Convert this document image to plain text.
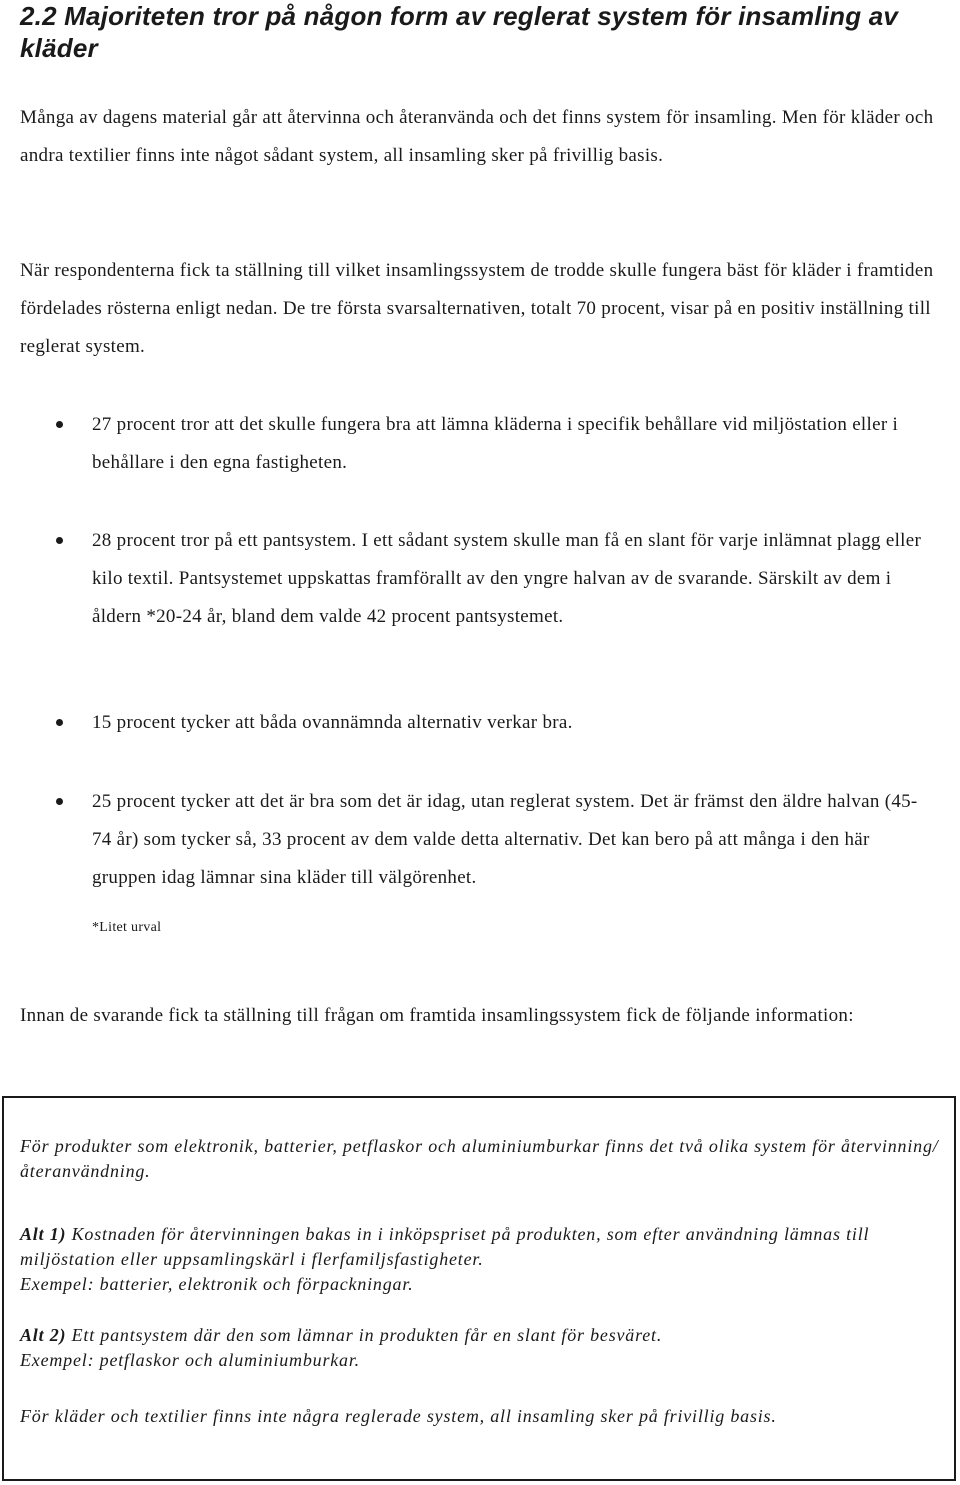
2.2 Majoriteten tror på någon form av reglerat system för insamling av kläder

Många av dagens material går att återvinna och återanvända och det finns system för insamling. Men för kläder och andra textilier finns inte något sådant system, all insamling sker på frivillig basis.

När respondenterna fick ta ställning till vilket insamlingssystem de trodde skulle fungera bäst för kläder i framtiden fördelades rösterna enligt nedan. De tre första svarsalternativen, totalt 70 procent, visar på en positiv inställning till reglerat system.

27 procent tror att det skulle fungera bra att lämna kläderna i specifik behållare vid miljöstation eller i behållare i den egna fastigheten.

28 procent tror på ett pantsystem. I ett sådant system skulle man få en slant för varje inlämnat plagg eller kilo textil. Pantsystemet uppskattas framförallt av den yngre halvan av de svarande. Särskilt av dem i åldern *20-24 år, bland dem valde 42 procent pantsystemet.

15 procent tycker att båda ovannämnda alternativ verkar bra.

25 procent tycker att det är bra som det är idag, utan reglerat system. Det är främst den äldre halvan (45-74 år) som tycker så, 33 procent av dem valde detta alternativ. Det kan bero på att många i den här gruppen idag lämnar sina kläder till välgörenhet.

*Litet urval

Innan de svarande fick ta ställning till frågan om framtida insamlingssystem fick de följande information:

För produkter som elektronik, batterier, petflaskor och aluminiumburkar finns det två olika system för återvinning/återanvändning.

Alt 1) Kostnaden för återvinningen bakas in i inköpspriset på produkten, som efter användning lämnas till miljöstation eller uppsamlingskärl i flerfamiljsfastigheter.
Exempel: batterier, elektronik och förpackningar.

Alt 2) Ett pantsystem där den som lämnar in produkten får en slant för besväret.
Exempel: petflaskor och aluminiumburkar.

För kläder och textilier finns inte några reglerade system, all insamling sker på frivillig basis.
